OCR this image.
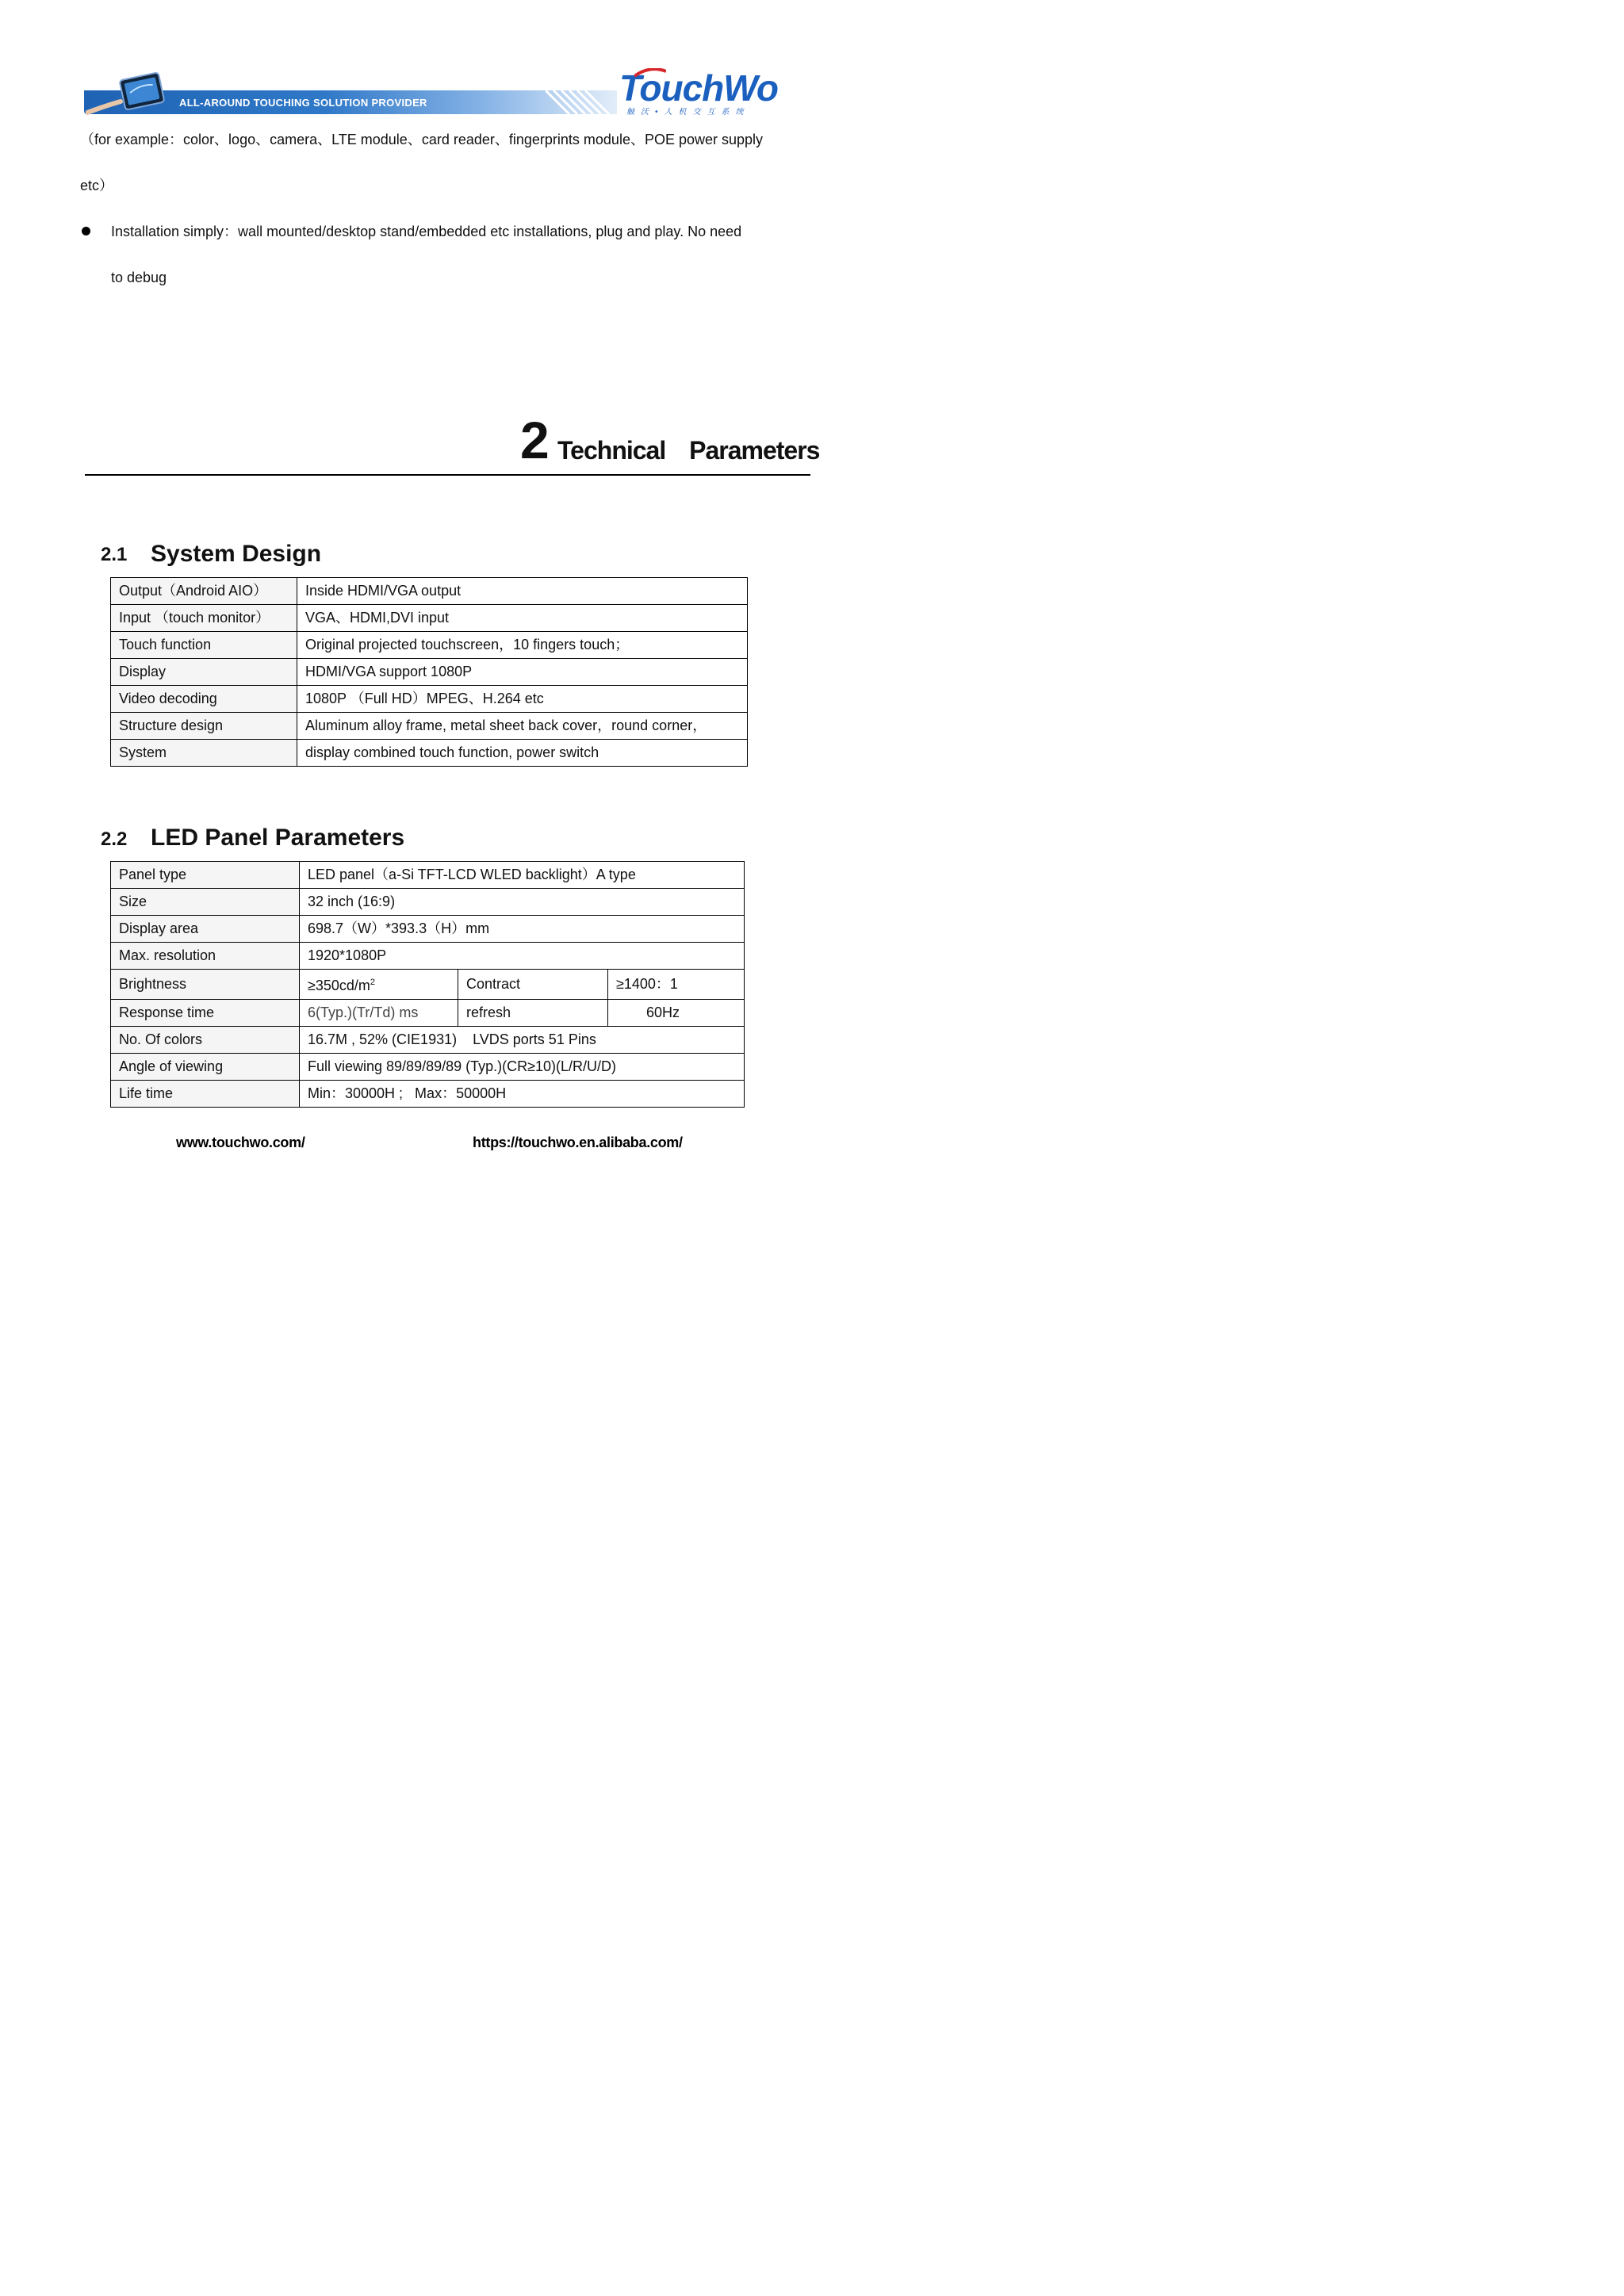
ALL-AROUND TOUCHING SOLUTION PROVIDER	TouchWo
触沃•人机交互系统
（for example：color、logo、camera、LTE module、card reader、fingerprints module、POE power supply
etc）
Installation simply：wall mounted/desktop stand/embedded etc installations, plug and play. No need
to debug
2 Technical Parameters
2.1 System Design
Output（Android AIO）	Inside HDMI/VGA output
Input （touch monitor）	VGA、HDMI,DVI input
Touch function	Original projected touchscreen，10 fingers touch；
Display	HDMI/VGA support 1080P
Video decoding	1080P （Full HD）MPEG、H.264 etc
Structure design	Aluminum alloy frame, metal sheet back cover，round corner，
System	display combined touch function, power switch
2.2 LED Panel Parameters
Panel type	LED panel（a-Si TFT-LCD WLED backlight）A type		
Size	32 inch (16:9)		
Display area	698.7（W）*393.3（H）mm		
Max. resolution	1920*1080P		
Brightness	$\ge 350cd/m^2$	Contract	≥1400：1
Response time	6(Typ.)(Tr/Td) ms	refresh	60Hz
No. Of colors	16.7M , 52% (CIE1931)    LVDS ports 51 Pins		
Angle of viewing	Full viewing 89/89/89/89 (Typ.)(CR≥10)(L/R/U/D)		
Life time	Min：30000H ;   Max：50000H		
www.touchwo.com/	https://touchwo.en.alibaba.com/
